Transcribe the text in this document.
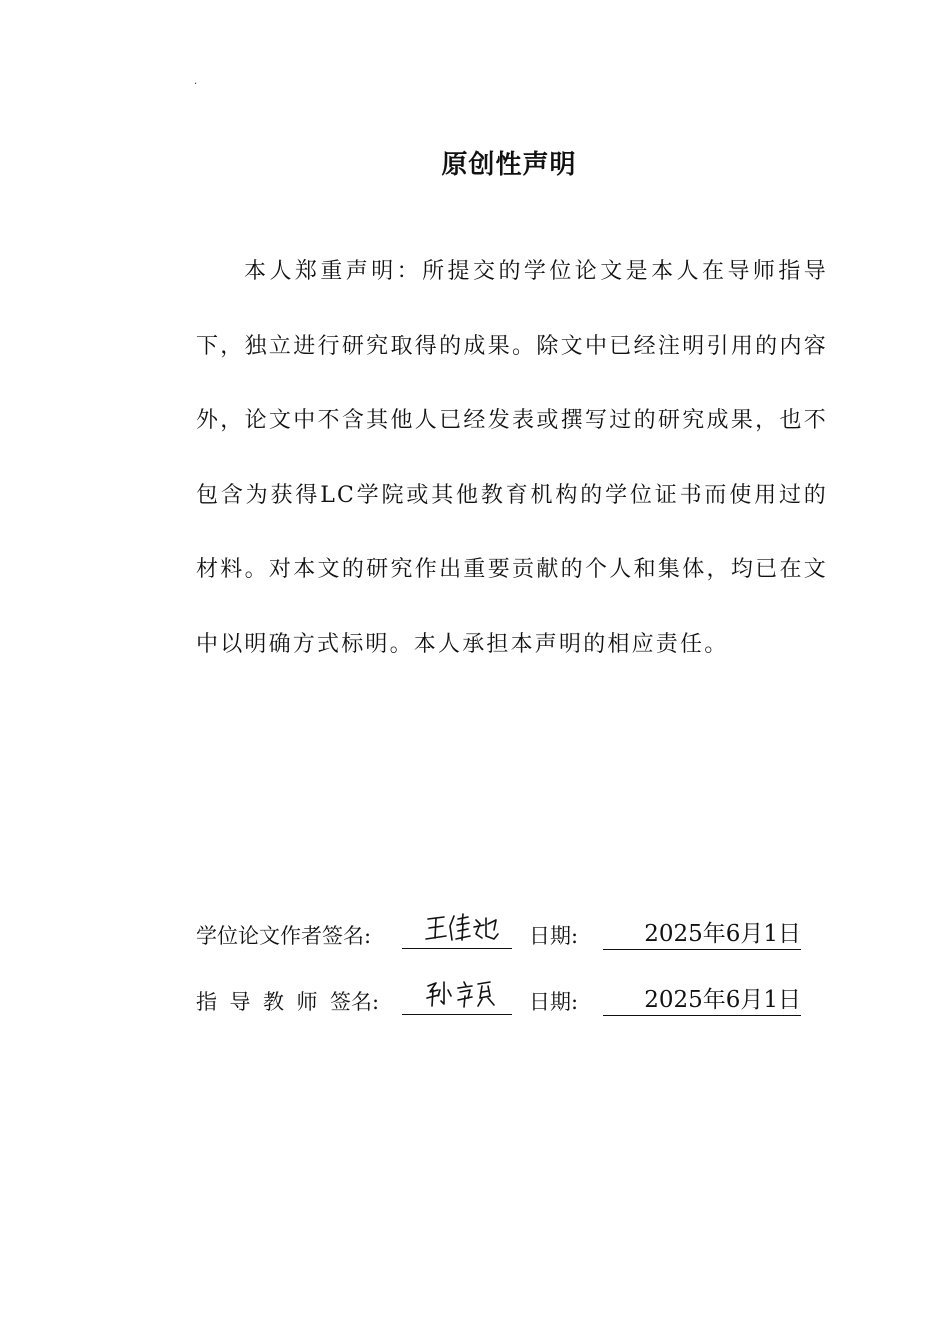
·
原创性声明

本人郑重声明：所提交的学位论文是本人在导师指导下，独立进行研究取得的成果。除文中已经注明引用的内容外，论文中不含其他人已经发表或撰写过的研究成果，也不包含为获得LC学院或其他教育机构的学位证书而使用过的材料。对本文的研究作出重要贡献的个人和集体，均已在文中以明确方式标明。本人承担本声明的相应责任。

学位论文作者签名:	日期:	2025年6月1日
指导教师签名:	日期:	2025年6月1日
